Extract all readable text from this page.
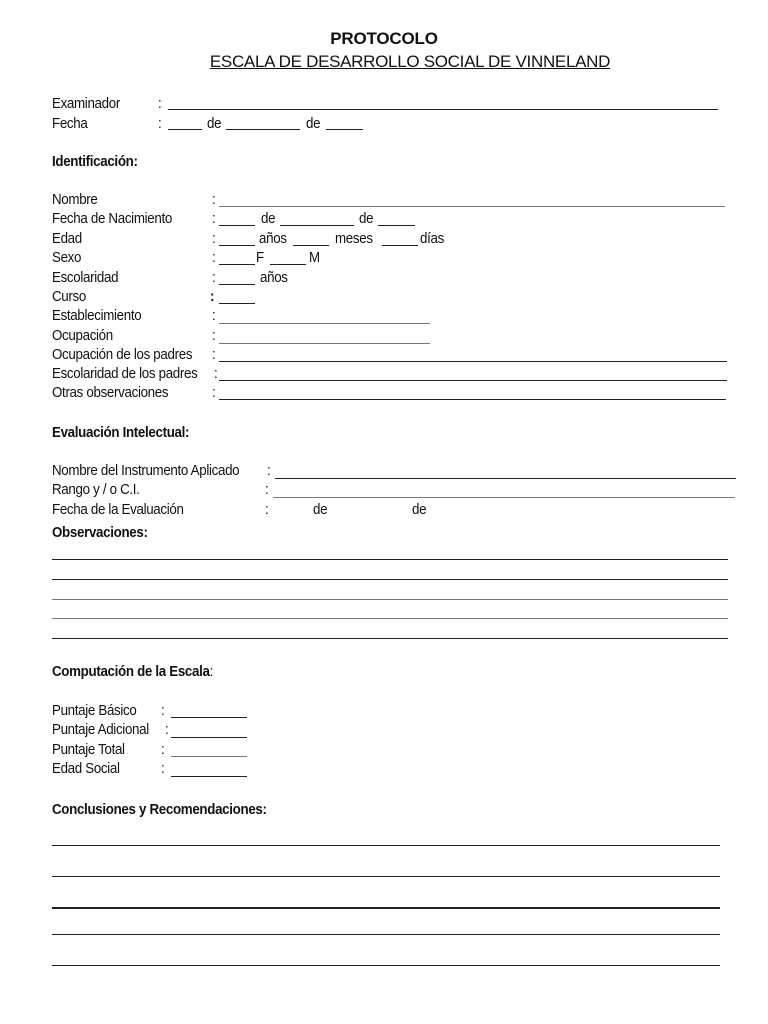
PROTOCOLO
ESCALA DE DESARROLLO SOCIAL DE VINNELAND
Examinador	:
Fecha	:	de	de
Identificación:
Nombre	:
Fecha de Nacimiento	:	de	de
Edad	:	años	meses	días
Sexo	:	F	M
Escolaridad	:	años
Curso	:
Establecimiento	:
Ocupación	:
Ocupación de los padres :
Escolaridad de los padres :
Otras observaciones	:
Evaluación Intelectual:
Nombre del Instrumento Aplicado :
Rango y / o C.I.	:
Fecha de la Evaluación	:	de	de
Observaciones:
Computación de la Escala:
Puntaje Básico :
Puntaje Adicional :
Puntaje Total	:
Edad Social	:
Conclusiones y Recomendaciones:
